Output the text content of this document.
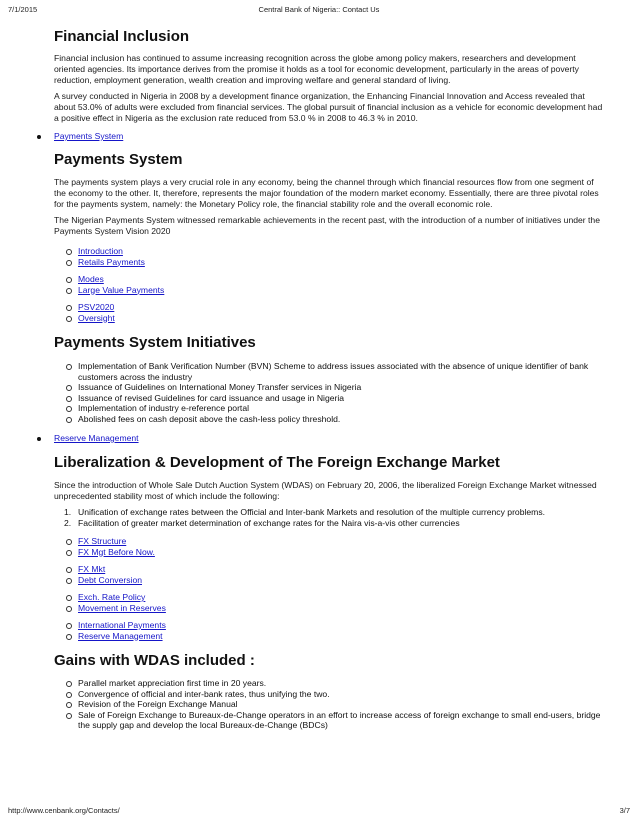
7/1/2015	Central Bank of Nigeria:: Contact Us
Financial Inclusion

Financial inclusion has continued to assume increasing recognition across the globe among policy makers, researchers and development oriented agencies. Its importance derives from the promise it holds as a tool for economic development, particularly in the areas of poverty reduction, employment generation, wealth creation and improving welfare and general standard of living.

A survey conducted in Nigeria in 2008 by a development finance organization, the Enhancing Financial Innovation and Access revealed that about 53.0% of adults were excluded from financial services. The global pursuit of financial inclusion as a vehicle for economic development had a positive effect in Nigeria as the exclusion rate reduced from 53.0 % in 2008 to 46.3 % in 2010.

Payments System
Payments System

The payments system plays a very crucial role in any economy, being the channel through which financial resources flow from one segment of the economy to the other. It, therefore, represents the major foundation of the modern market economy. Essentially, there are three pivotal roles for the payments system, namely: the Monetary Policy role, the financial stability role and the overall economic role.

The Nigerian Payments System witnessed remarkable achievements in the recent past, with the introduction of a number of initiatives under the Payments System Vision 2020

Introduction
Retails Payments
Modes
Large Value Payments
PSV2020
Oversight
Payments System Initiatives
Implementation of Bank Verification Number (BVN) Scheme to address issues associated with the absence of unique identifier of bank customers across the industry
Issuance of Guidelines on International Money Transfer services in Nigeria
Issuance of revised Guidelines for card issuance and usage in Nigeria
Implementation of industry e-reference portal
Abolished fees on cash deposit above the cash-less policy threshold.
Reserve Management
Liberalization & Development of The Foreign Exchange Market

Since the introduction of Whole Sale Dutch Auction System (WDAS) on February 20, 2006, the liberalized Foreign Exchange Market witnessed unprecedented stability most of which include the following:

1. Unification of exchange rates between the Official and Inter-bank Markets and resolution of the multiple currency problems.
2. Facilitation of greater market determination of exchange rates for the Naira vis-a-vis other currencies
FX Structure
FX Mgt Before Now.
FX Mkt
Debt Conversion
Exch. Rate Policy
Movement in Reserves
International Payments
Reserve Management
Gains with WDAS included :
Parallel market appreciation first time in 20 years.
Convergence of official and inter-bank rates, thus unifying the two.
Revision of the Foreign Exchange Manual
Sale of Foreign Exchange to Bureaux-de-Change operators in an effort to increase access of foreign exchange to small end-users, bridge the supply gap and develop the local Bureaux-de-Change (BDCs)
http://www.cenbank.org/Contacts/	3/7
